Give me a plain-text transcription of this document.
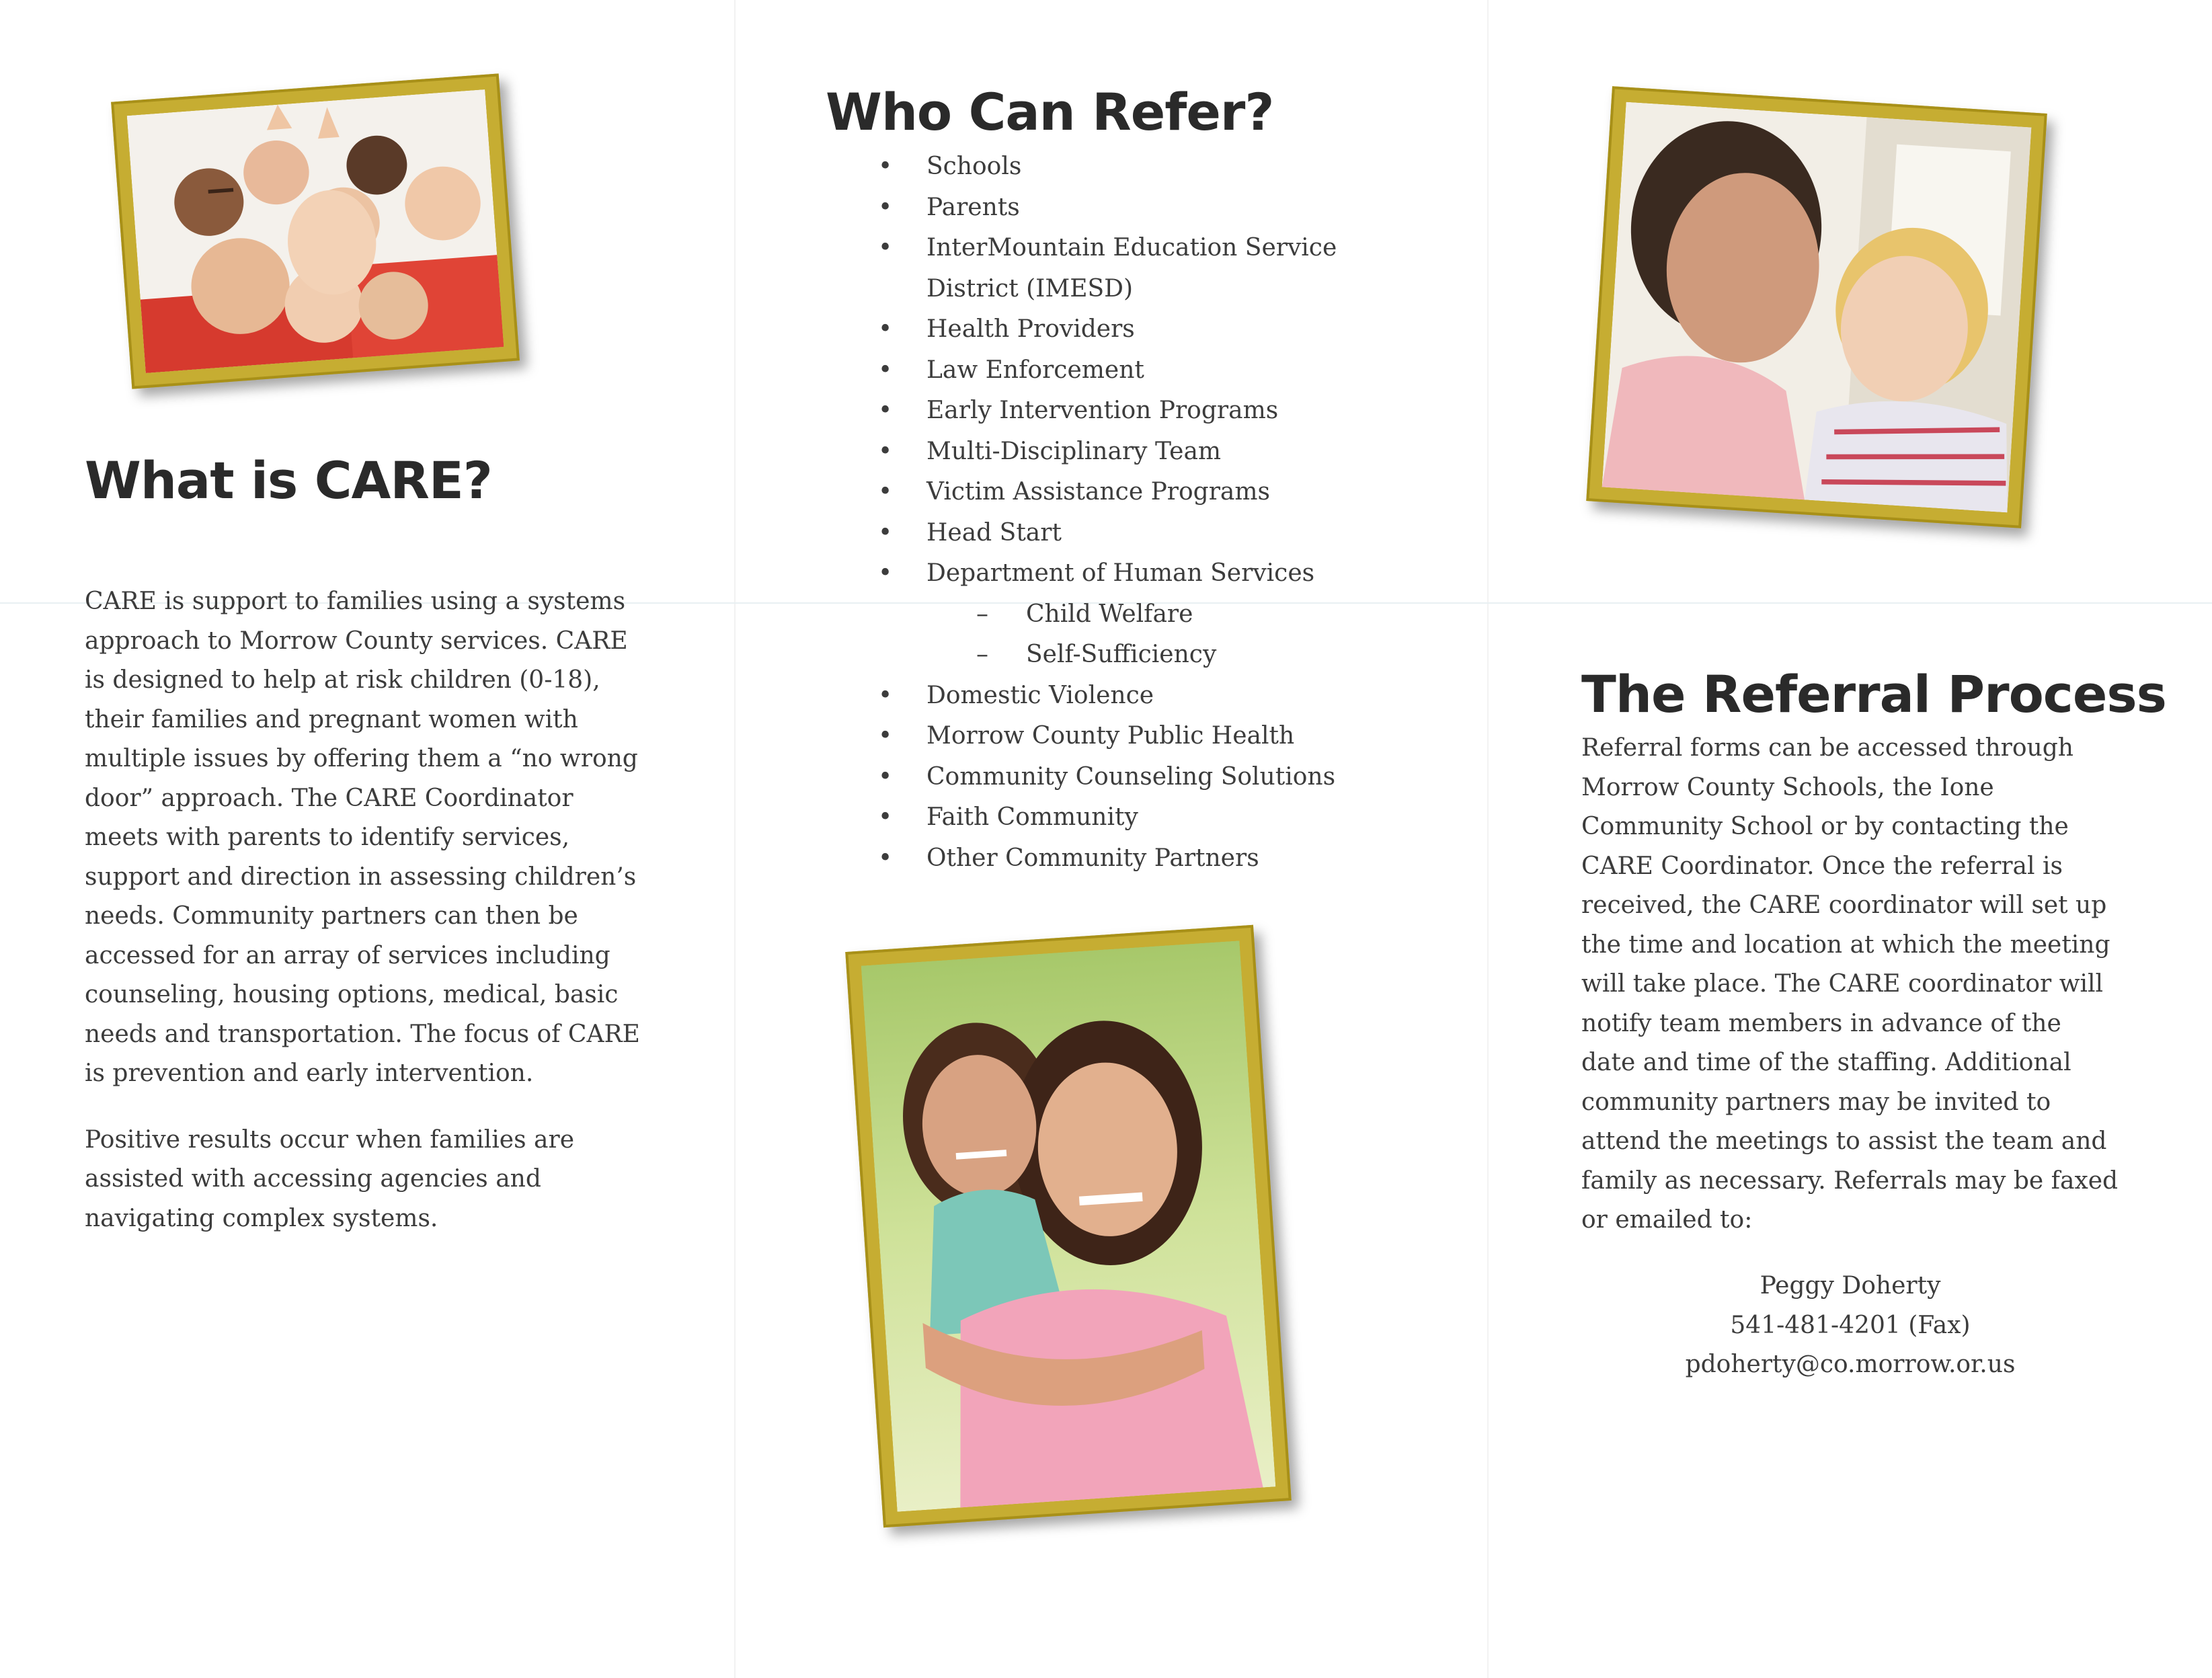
What is CARE?

CARE is support to families using a systems approach to Morrow County services. CARE is designed to help at risk children (0-18), their families and pregnant women with multiple issues by offering them a “no wrong door” approach. The CARE Coordinator meets with parents to identify services, support and direction in assessing children’s needs. Community partners can then be accessed for an array of services including counseling, housing options, medical, basic needs and transportation. The focus of CARE is prevention and early intervention.

Positive results occur when families are assisted with accessing agencies and navigating complex systems.

Who Can Refer?
• Schools
• Parents
• InterMountain Education Service District (IMESD)
• Health Providers
• Law Enforcement
• Early Intervention Programs
• Multi-Disciplinary Team
• Victim Assistance Programs
• Head Start
• Department of Human Services
– Child Welfare
– Self-Sufficiency
• Domestic Violence
• Morrow County Public Health
• Community Counseling Solutions
• Faith Community
• Other Community Partners
The Referral Process

Referral forms can be accessed through Morrow County Schools, the Ione Community School or by contacting the CARE Coordinator. Once the referral is received, the CARE coordinator will set up the time and location at which the meeting will take place. The CARE coordinator will notify team members in advance of the date and time of the staffing. Additional community partners may be invited to attend the meetings to assist the team and family as necessary. Referrals may be faxed or emailed to:

Peggy Doherty
541-481-4201 (Fax)
pdoherty@co.morrow.or.us
